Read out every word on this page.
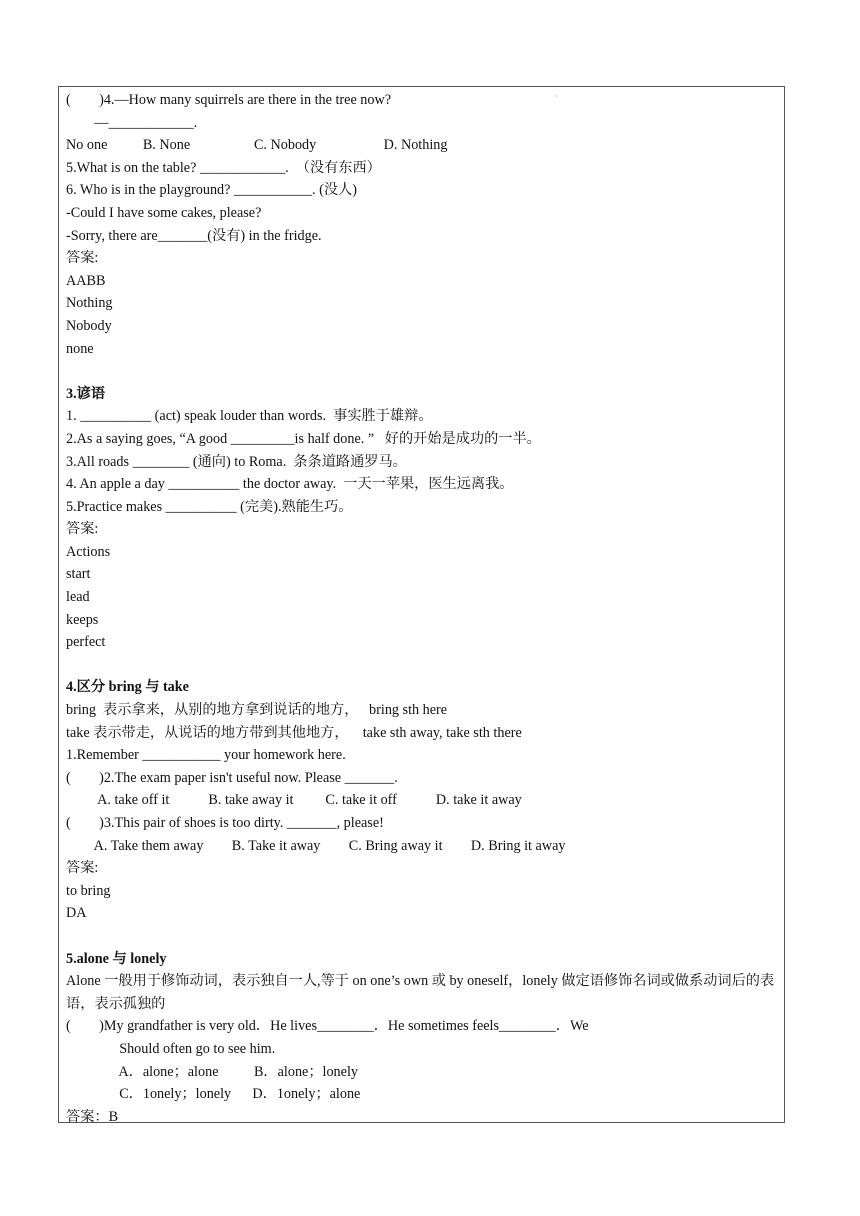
·
(        )4.—How many squirrels are there in the tree now?
—____________.
No one          B. None                  C. Nobody                   D. Nothing
5.What is on the table? ____________.  （没有东西）
6. Who is in the playground? ___________. (没人)
-Could I have some cakes, please?
-Sorry, there are_______(没有) in the fridge.
答案:
AABB
Nothing
Nobody
none
3.谚语
1. __________ (act) speak louder than words.  事实胜于雄辩。
2.As a saying goes, “A good _________is half done. ”   好的开始是成功的一半。
3.All roads ________ (通向) to Roma.  条条道路通罗马。
4. An apple a day __________ the doctor away.  一天一苹果，医生远离我。
5.Practice makes __________ (完美).熟能生巧。
答案:
Actions
start
lead
keeps
perfect
4.区分 bring 与 take
bring  表示拿来，从别的地方拿到说话的地方，   bring sth here
take 表示带走，从说话的地方带到其他地方，    take sth away, take sth there
1.Remember ___________ your homework here.
(        )2.The exam paper isn't useful now. Please _______.
A. take off it           B. take away it         C. take it off           D. take it away
(        )3.This pair of shoes is too dirty. _______, please!
A. Take them away        B. Take it away        C. Bring away it        D. Bring it away
答案:
to bring
DA
5.alone 与 lonely
Alone 一般用于修饰动词，表示独自一人,等于 on one’s own 或 by oneself，lonely 做定语修饰名词或做系动词后的表语，表示孤独的
(        )My grandfather is very old．He lives________．He sometimes feels________．We
Should often go to see him.
A．alone；alone          B．alone；lonely
C．1onely；lonely      D．1onely；alone
答案：B
